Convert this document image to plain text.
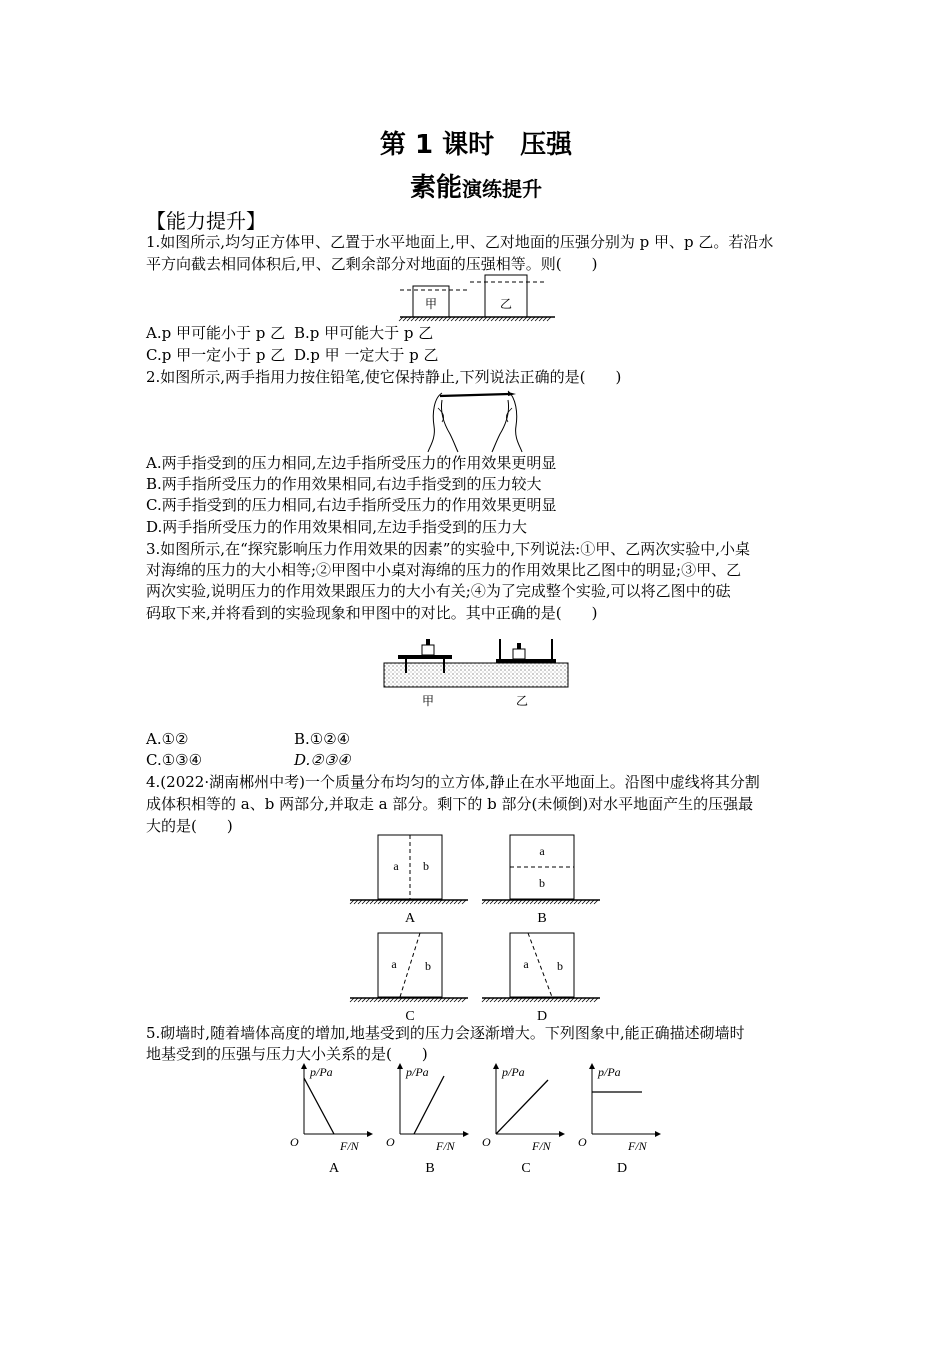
第 1 课时　压强
素能演练提升
【能力提升】
1.如图所示,均匀正方体甲、乙置于水平地面上,甲、乙对地面的压强分别为 p 甲、p 乙。若沿水
平方向截去相同体积后,甲、乙剩余部分对地面的压强相等。则(　　)
甲	乙
A.p 甲可能小于 p 乙 B.p 甲可能大于 p 乙
C.p 甲一定小于 p 乙 D.p 甲 一定大于 p 乙
2.如图所示,两手指用力按住铅笔,使它保持静止,下列说法正确的是(　　)
A.两手指受到的压力相同,左边手指所受压力的作用效果更明显
B.两手指所受压力的作用效果相同,右边手指受到的压力较大
C.两手指受到的压力相同,右边手指所受压力的作用效果更明显
D.两手指所受压力的作用效果相同,左边手指受到的压力大
3.如图所示,在“探究影响压力作用效果的因素”的实验中,下列说法:①甲、乙两次实验中,小桌
对海绵的压力的大小相等;②甲图中小桌对海绵的压力的作用效果比乙图中的明显;③甲、乙
两次实验,说明压力的作用效果跟压力的大小有关;④为了完成整个实验,可以将乙图中的砝
码取下来,并将看到的实验现象和甲图中的对比。其中正确的是(　　)
甲	乙
A.①②	B.①②④
C.①③④	D.②③④
4.(2022·湖南郴州中考)一个质量分布均匀的立方体,静止在水平地面上。沿图中虚线将其分割
成体积相等的 a、b 两部分,并取走 a 部分。剩下的 b 部分(未倾倒)对水平地面产生的压强最
大的是(　　)
a b
A
a
b
B
a b
C
a b
D
5.砌墙时,随着墙体高度的增加,地基受到的压力会逐渐增大。下列图象中,能正确描述砌墙时
地基受到的压强与压力大小关系的是(　　)
p/Pa
F/N
O
A
p/Pa
F/N
O
B
p/Pa
F/N
O
C
p/Pa
F/N
O
D
